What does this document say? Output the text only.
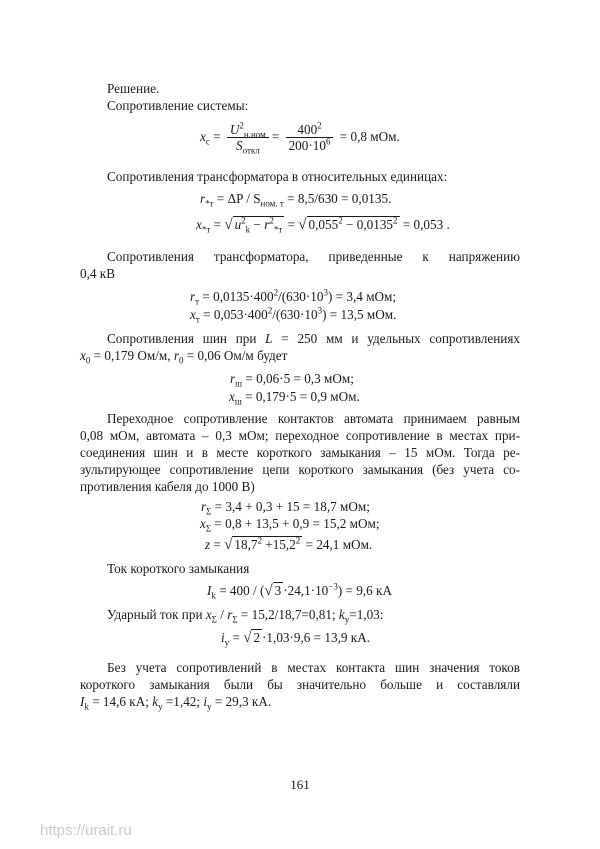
Решение.
Сопротивление системы:
$x_с = \frac{U^2_{н.ном}}{S_{откл}} = \frac{400^2}{200\cdot 10^6} = 0,8$ мОм.
Сопротивления трансформатора в относительных единицах:
$r_{*т} = \Delta P / S_{ном. т} = 8,5/630 = 0,0135$.
$x_{*т}$ = √ $u^2_k - r^2_{*т}$ = √ $0,055^2 - 0,0135^2 = 0,053$ .
Сопротивления трансформатора, приведенные к напряжению
0,4 кВ
$r_т = 0,0135\cdot 400^2/(630\cdot 10^3) = 3,4$ мОм;
$x_т = 0,053\cdot 400^2/(630\cdot 10^3) = 13,5$ мОм.
Сопротивления шин при L = 250 мм и удельных сопротивлениях
$x_0 = 0,179$ Ом/м, $r_0 = 0,06$ Ом/м будет
$r_ш = 0,06\cdot 5 = 0,3$ мОм;
$x_ш = 0,179\cdot 5 = 0,9$ мОм.
Переходное сопротивление контактов автомата принимаем равным
0,08 мОм, автомата – 0,3 мОм; переходное сопротивление в местах при-
соединения шин и в месте короткого замыкания – 15 мОм. Тогда ре-
зультирующее сопротивление цепи короткого замыкания (без учета со-
противления кабеля до 1000 В)
$r_\Sigma = 3,4 + 0,3 + 15 = 18,7$ мОм;
$x_\Sigma = 0,8 + 13,5 + 0,9 = 15,2$ мОм;
z = √ $18,7^2 +15,2^2 = 24,1$ мОм.
Ток короткого замыкания
$I_k = 400$ / (√ $3 \cdot 24,1\cdot 10^{-3}) = 9,6$ кА
Ударный ток при $x_\Sigma / r_\Sigma = 15,2/18,7=0,81$; $k_у=1,03$:
$i_у$ = √ 2 ·1,03·9,6 = 13,9 кА.
Без учета сопротивлений в местах контакта шин значения токов
короткого замыкания были бы значительно больше и составляли
$I_k = 14,6$ кА; $k_у =1,42$; $i_у = 29,3$ кА.
161
https://urait.ru
